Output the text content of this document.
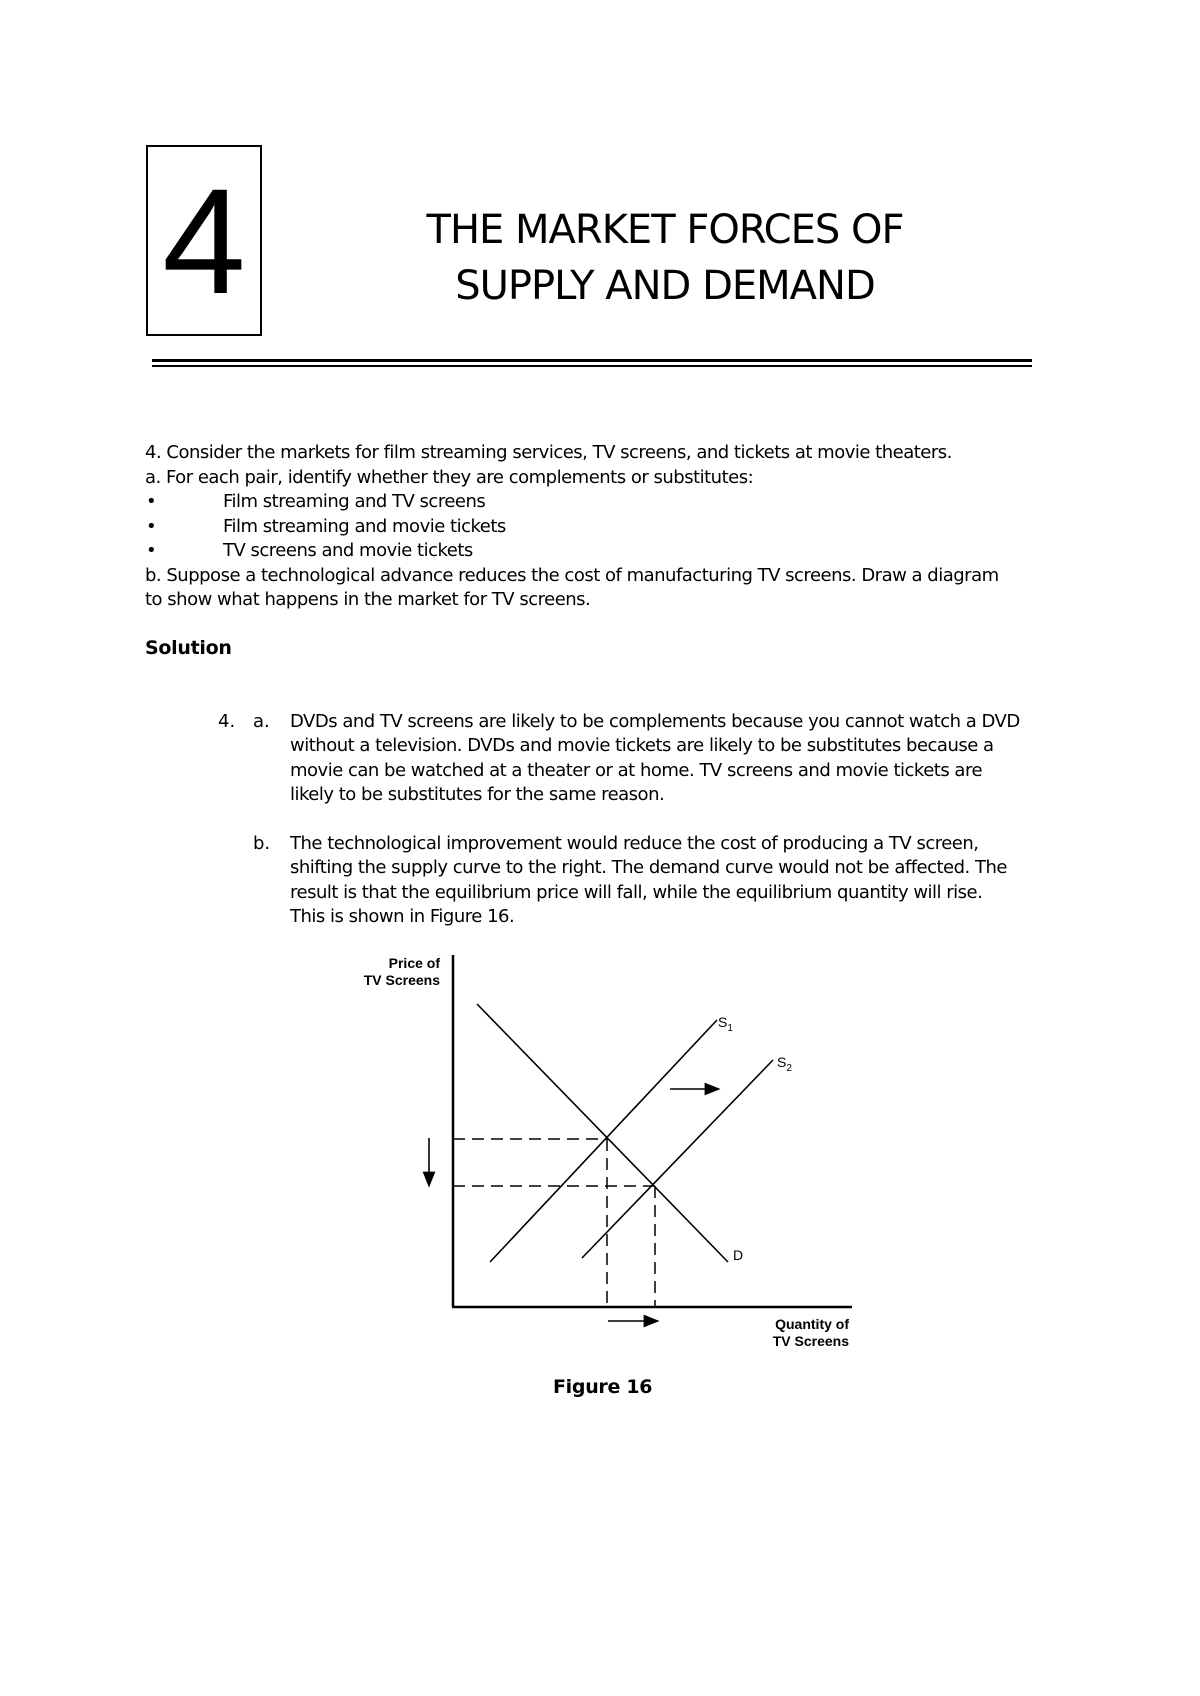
4	THE MARKET FORCES OF
SUPPLY AND DEMAND
4. Consider the markets for film streaming services, TV screens, and tickets at movie theaters.
a. For each pair, identify whether they are complements or substitutes:
•	Film streaming and TV screens
•	Film streaming and movie tickets
•	TV screens and movie tickets
b. Suppose a technological advance reduces the cost of manufacturing TV screens. Draw a diagram
to show what happens in the market for TV screens.
Solution
4. a. DVDs and TV screens are likely to be complements because you cannot watch a DVD
without a television. DVDs and movie tickets are likely to be substitutes because a
movie can be watched at a theater or at home. TV screens and movie tickets are
likely to be substitutes for the same reason.
b. The technological improvement would reduce the cost of producing a TV screen,
shifting the supply curve to the right. The demand curve would not be affected. The
result is that the equilibrium price will fall, while the equilibrium quantity will rise.
This is shown in Figure 16.
Price of
TV Screens
Quantity of
TV Screens
$S_1$
$S_2$
D
Figure 16
